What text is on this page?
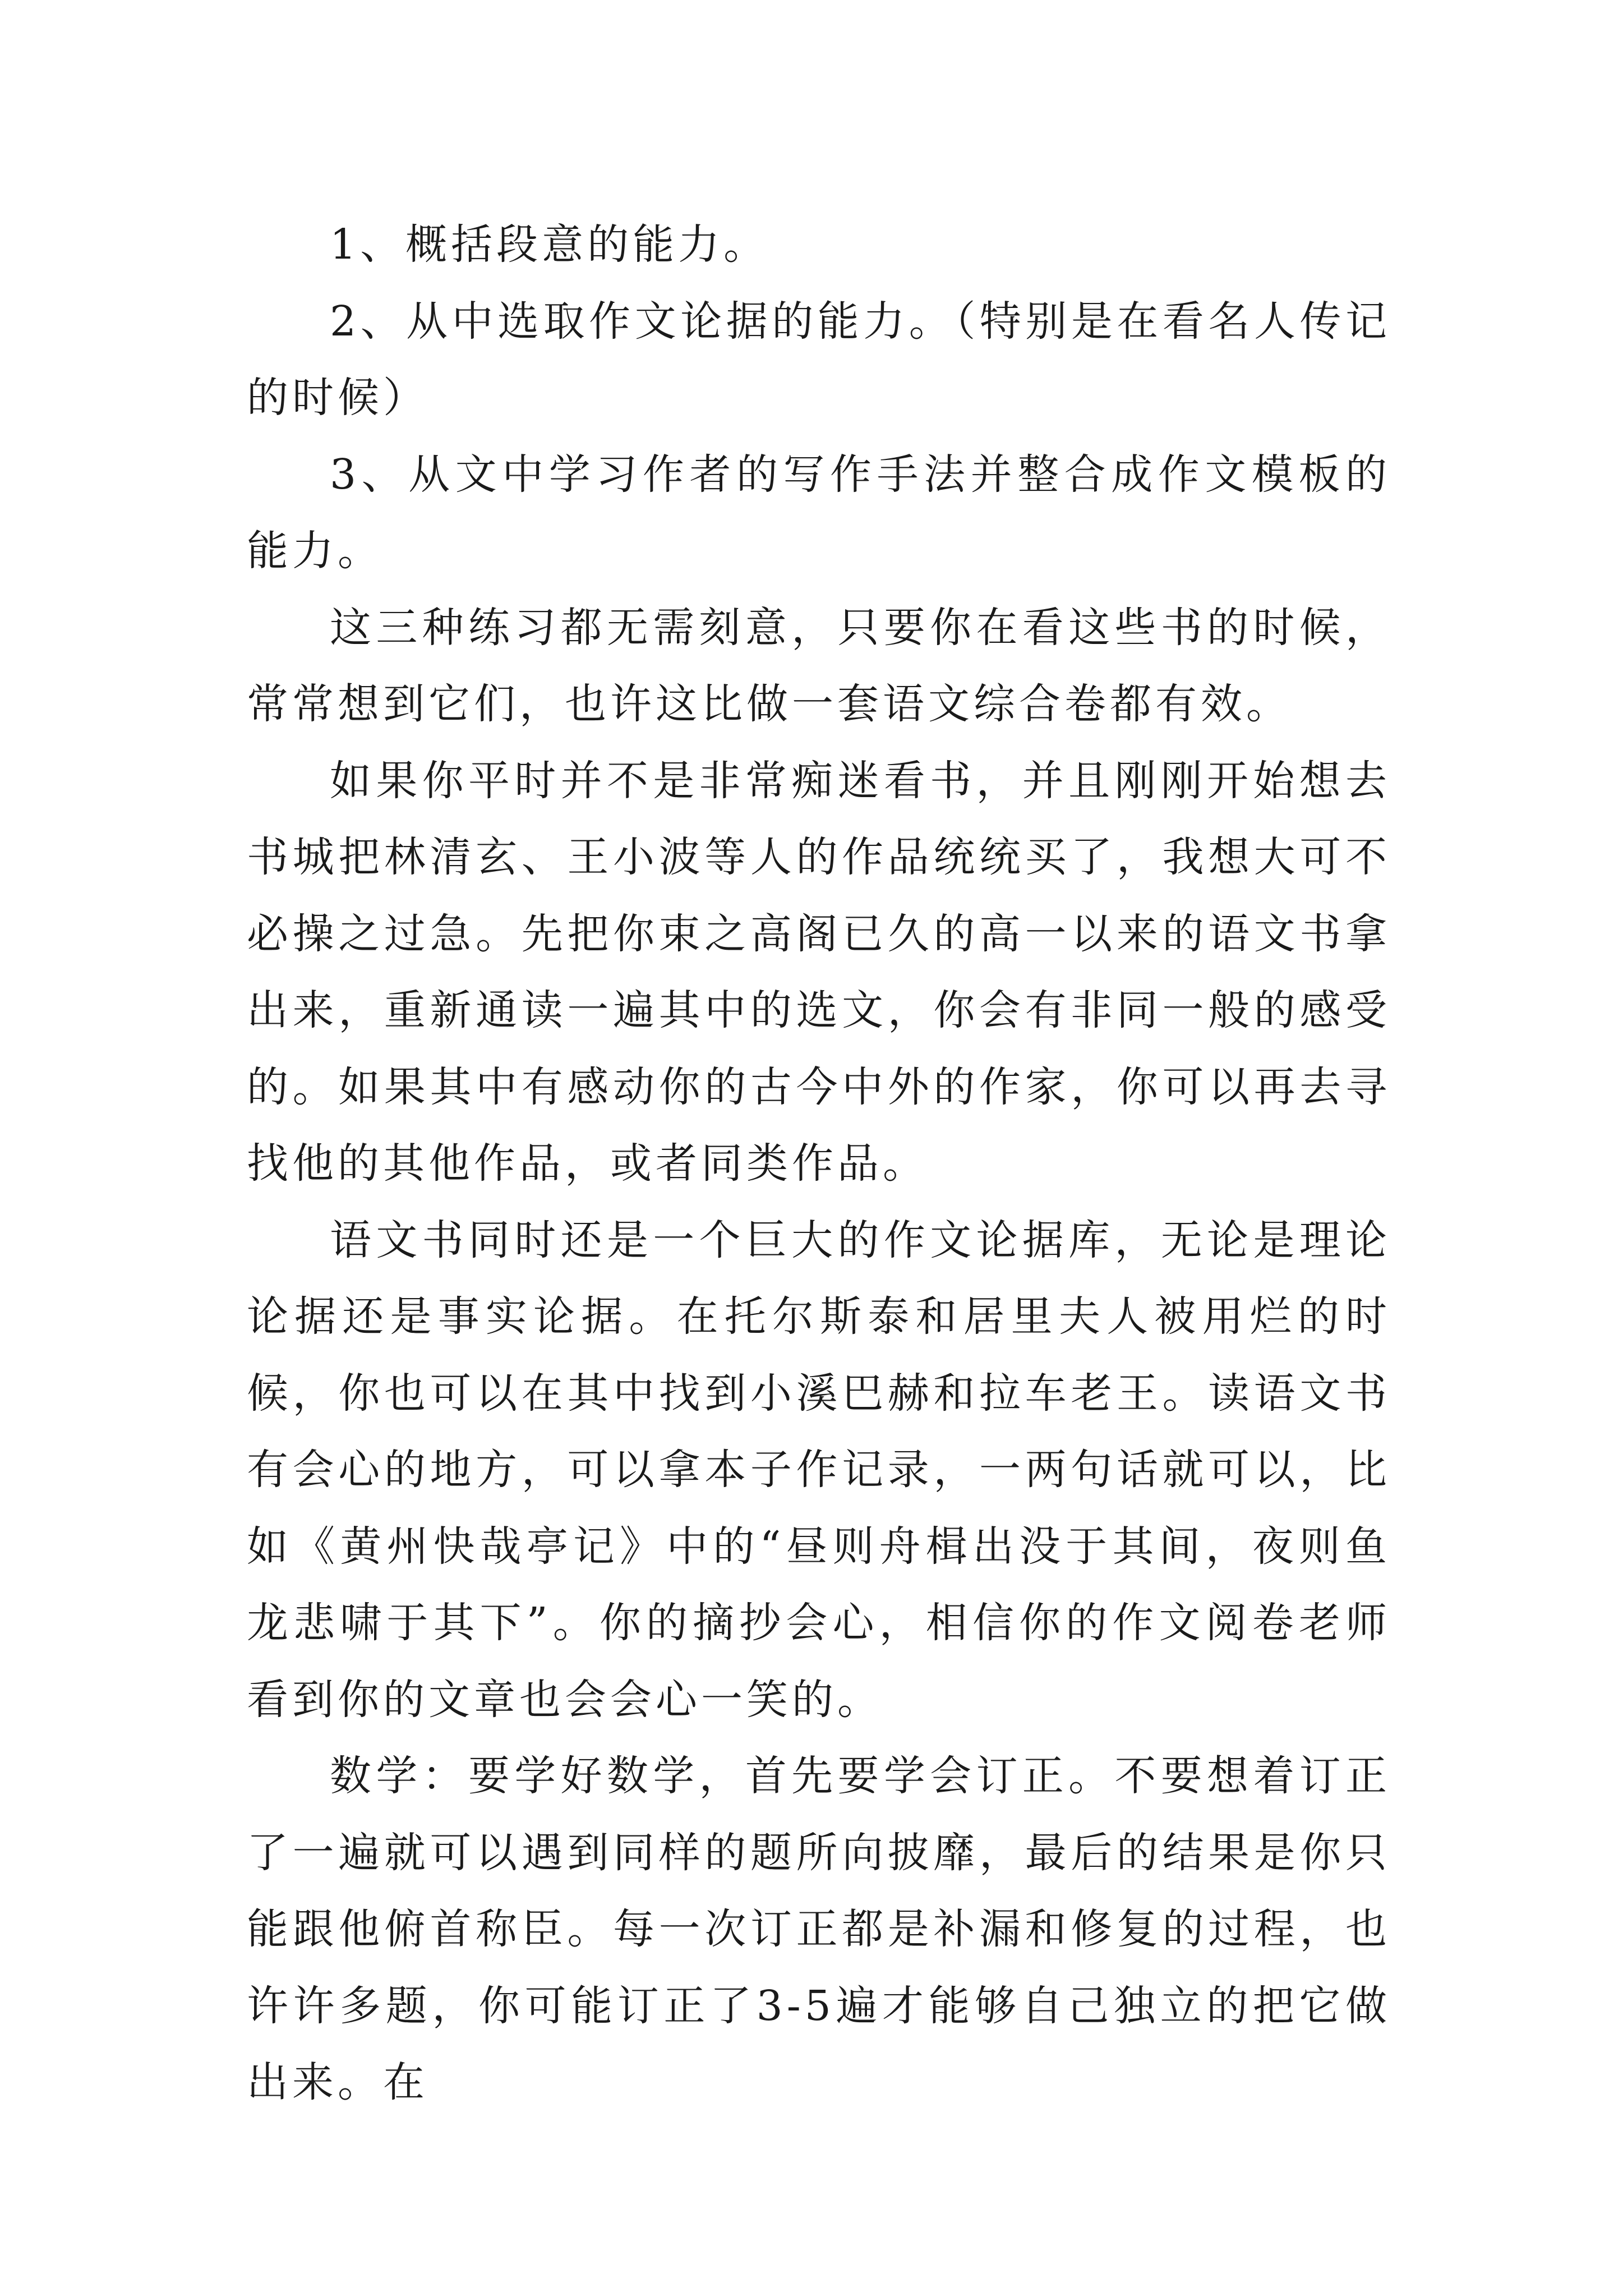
1、概括段意的能力。

2、从中选取作文论据的能力。（特别是在看名人传记的时候）

3、从文中学习作者的写作手法并整合成作文模板的能力。

这三种练习都无需刻意，只要你在看这些书的时候，常常想到它们，也许这比做一套语文综合卷都有效。

如果你平时并不是非常痴迷看书，并且刚刚开始想去书城把林清玄、王小波等人的作品统统买了，我想大可不必操之过急。先把你束之高阁已久的高一以来的语文书拿出来，重新通读一遍其中的选文，你会有非同一般的感受的。如果其中有感动你的古今中外的作家，你可以再去寻找他的其他作品，或者同类作品。

语文书同时还是一个巨大的作文论据库，无论是理论论据还是事实论据。在托尔斯泰和居里夫人被用烂的时候，你也可以在其中找到小溪巴赫和拉车老王。读语文书有会心的地方，可以拿本子作记录，一两句话就可以，比如《黄州快哉亭记》中的“昼则舟楫出没于其间，夜则鱼龙悲啸于其下”。你的摘抄会心，相信你的作文阅卷老师看到你的文章也会会心一笑的。

数学：要学好数学，首先要学会订正。不要想着订正了一遍就可以遇到同样的题所向披靡，最后的结果是你只能跟他俯首称臣。每一次订正都是补漏和修复的过程，也许许多题，你可能订正了3-5遍才能够自己独立的把它做出来。在
